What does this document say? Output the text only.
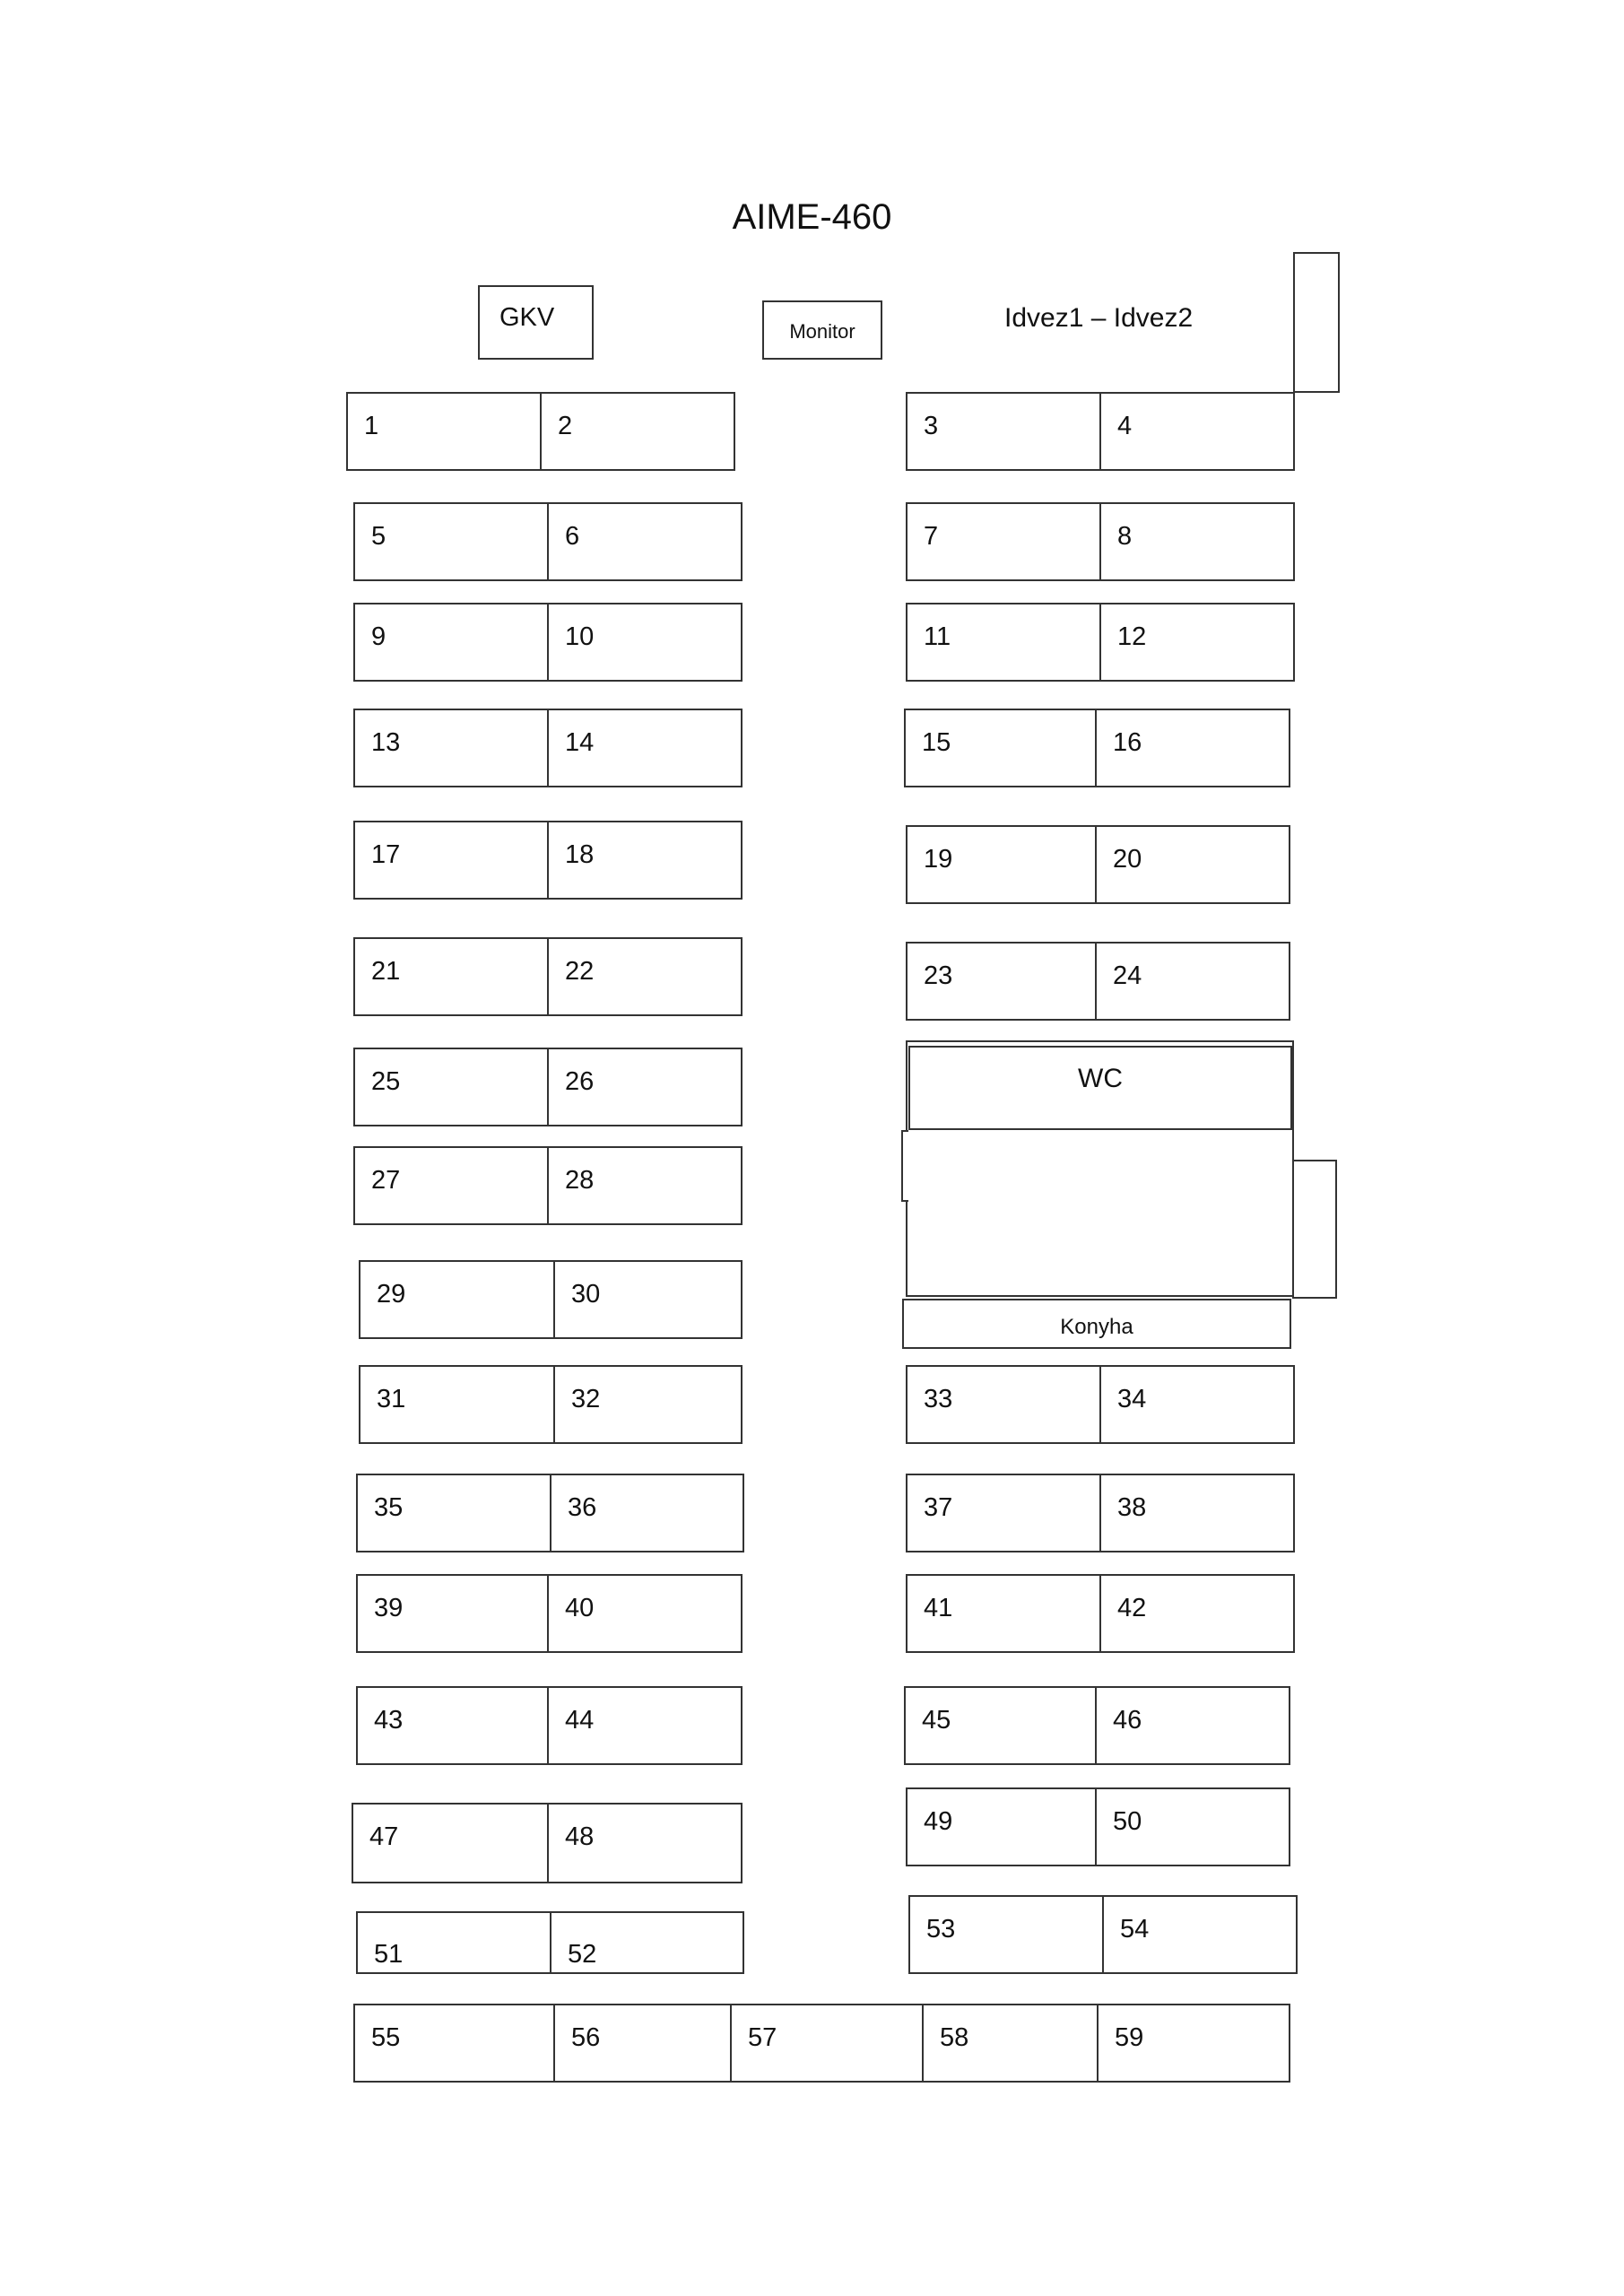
AIME-460
GKV	Monitor	Idvez1 – Idvez2
1	2	3	4
5	6	7	8
9	10	11	12
13	14	15	16
17	18	19	20
21	22	23	24
25	26
27	28
29	30
31	32	33	34
35	36	37	38
39	40	41	42
43	44	45	46
47	48
49	50
51	52
53	54
55	56	57	58	59
WC
Konyha
